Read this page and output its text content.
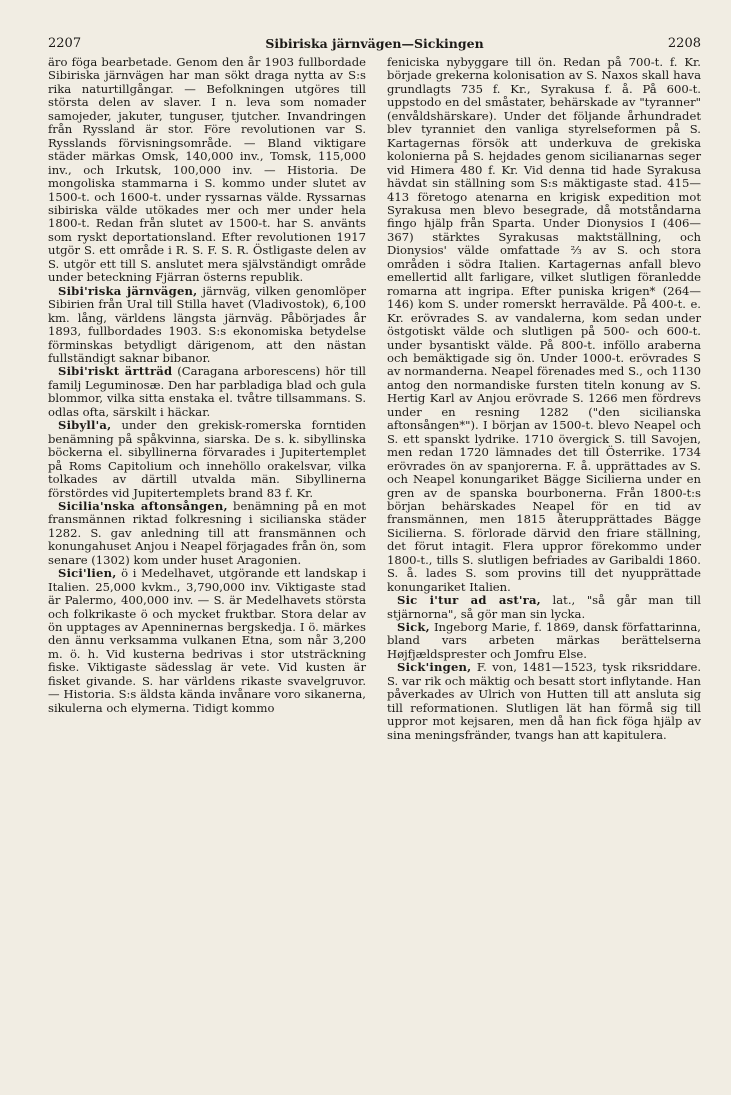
2207	Sibiriska järnvägen—Sickingen	2208

äro föga bearbetade. Genom den år 1903 fullbordade Sibiriska järnvägen har man sökt draga nytta av S:s rika naturtillgångar. — Befolkningen utgöres till största delen av slaver. I n. leva som nomader samojeder, jakuter, tunguser, tjutcher. Invandringen från Ryssland är stor. Före revolutionen var S. Rysslands förvisningsområde. — Bland viktigare städer märkas Omsk, 140,000 inv., Tomsk, 115,000 inv., och Irkutsk, 100,000 inv. — Historia. De mongoliska stammarna i S. kommo under slutet av 1500-t. och 1600-t. under ryssarnas välde. Ryssarnas sibiriska välde utökades mer och mer under hela 1800-t. Redan från slutet av 1500-t. har S. använts som ryskt deportationsland. Efter revolutionen 1917 utgör S. ett område i R. S. F. S. R. Östligaste delen av S. utgör ett till S. anslutet mera självständigt område under beteckning Fjärran österns republik.

Sibi'riska järnvägen, järnväg, vilken genomlöper Sibirien från Ural till Stilla havet (Vladivostok), 6,100 km. lång, världens längsta järnväg. Påbörjades år 1893, fullbordades 1903. S:s ekonomiska betydelse förminskas betydligt därigenom, att den nästan fullständigt saknar bibanor.

Sibi'riskt ärtträd (Caragana arborescens) hör till familj Leguminosæ. Den har parbladiga blad och gula blommor, vilka sitta enstaka el. tvåtre tillsammans. S. odlas ofta, särskilt i häckar.

Sibyll'a, under den grekisk-romerska forntiden benämning på spåkvinna, siarska. De s. k. sibyllinska böckerna el. sibyllinerna förvarades i Jupitertemplet på Roms Capitolium och innehöllo orakelsvar, vilka tolkades av därtill utvalda män. Sibyllinerna förstördes vid Jupitertemplets brand 83 f. Kr.

Sicilia'nska aftonsången, benämning på en mot fransmännen riktad folkresning i sicilianska städer 1282. S. gav anledning till att fransmännen och konungahuset Anjou i Neapel förjagades från ön, som senare (1302) kom under huset Aragonien.

Sici'lien, ö i Medelhavet, utgörande ett landskap i Italien. 25,000 kvkm., 3,790,000 inv. Viktigaste stad är Palermo, 400,000 inv. — S. är Medelhavets största och folkrikaste ö och mycket fruktbar. Stora delar av ön upptages av Apenninernas bergskedja. I ö. märkes den ännu verksamma vulkanen Etna, som når 3,200 m. ö. h. Vid kusterna bedrivas i stor utsträckning fiske. Viktigaste sädesslag är vete. Vid kusten är fisket givande. S. har världens rikaste svavelgruvor. — Historia. S:s äldsta kända invånare voro sikanerna, sikulerna och elymerna. Tidigt kommo

feniciska nybyggare till ön. Redan på 700-t. f. Kr. började grekerna kolonisation av S. Naxos skall hava grundlagts 735 f. Kr., Syrakusa f. å. På 600-t. uppstodo en del småstater, behärskade av "tyranner" (envåldshärskare). Under det följande århundradet blev tyranniet den vanliga styrelseformen på S. Kartagernas försök att underkuva de grekiska kolonierna på S. hejdades genom sicilianarnas seger vid Himera 480 f. Kr. Vid denna tid hade Syrakusa hävdat sin ställning som S:s mäktigaste stad. 415—413 företogo atenarna en krigisk expedition mot Syrakusa men blevo besegrade, då motståndarna fingo hjälp från Sparta. Under Dionysios I (406—367) stärktes Syrakusas maktställning, och Dionysios' välde omfattade ⅔ av S. och stora områden i södra Italien. Kartagernas anfall blevo emellertid allt farligare, vilket slutligen föranledde romarna att ingripa. Efter puniska krigen* (264—146) kom S. under romerskt herravälde. På 400-t. e. Kr. erövrades S. av vandalerna, kom sedan under östgotiskt välde och slutligen på 500- och 600-t. under bysantiskt välde. På 800-t. inföllo araberna och bemäktigade sig ön. Under 1000-t. erövrades S av normanderna. Neapel förenades med S., och 1130 antog den normandiske fursten titeln konung av S. Hertig Karl av Anjou erövrade S. 1266 men fördrevs under en resning 1282 ("den sicilianska aftonsången*"). I början av 1500-t. blevo Neapel och S. ett spanskt lydrike. 1710 övergick S. till Savojen, men redan 1720 lämnades det till Österrike. 1734 erövrades ön av spanjorerna. F. å. upprättades av S. och Neapel konungariket Bägge Sicilierna under en gren av de spanska bourbonerna. Från 1800-t:s början behärskades Neapel för en tid av fransmännen, men 1815 återupprättades Bägge Sicilierna. S. förlorade därvid den friare ställning, det förut intagit. Flera uppror förekommo under 1800-t., tills S. slutligen befriades av Garibaldi 1860. S. å. lades S. som provins till det nyupprättade konungariket Italien.

Sic i'tur ad ast'ra, lat., "så går man till stjärnorna", så gör man sin lycka.

Sick, Ingeborg Marie, f. 1869, dansk författarinna, bland vars arbeten märkas berättelserna Højfjældsprester och Jomfru Else.

Sick'ingen, F. von, 1481—1523, tysk riksriddare. S. var rik och mäktig och besatt stort inflytande. Han påverkades av Ulrich von Hutten till att ansluta sig till reformationen. Slutligen lät han förmå sig till uppror mot kejsaren, men då han fick föga hjälp av sina meningsfränder, tvangs han att kapitulera.
